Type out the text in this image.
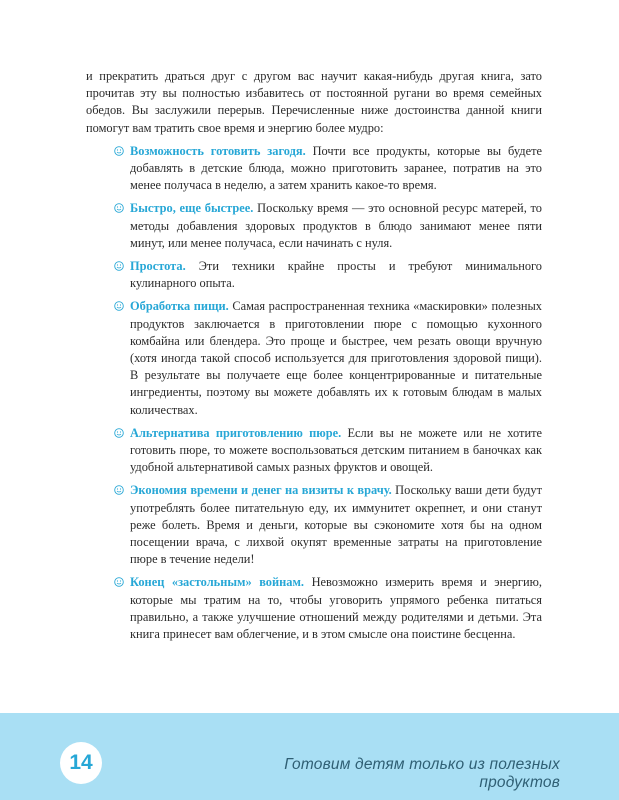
и прекратить драться друг с другом вас научит какая-нибудь другая книга, зато прочитав эту вы полностью избавитесь от постоянной ругани во время семейных обедов. Вы заслужили перерыв. Перечисленные ниже достоинства данной книги помогут вам тратить свое время и энергию более мудро:

Возможность готовить загодя. Почти все продукты, которые вы будете добавлять в детские блюда, можно приготовить заранее, потратив на это менее получаса в неделю, а затем хранить какое-то время.
Быстро, еще быстрее. Поскольку время — это основной ресурс матерей, то методы добавления здоровых продуктов в блюдо занимают менее пяти минут, или менее получаса, если начинать с нуля.
Простота. Эти техники крайне просты и требуют минимального кулинарного опыта.
Обработка пищи. Самая распространенная техника «маскировки» полезных продуктов заключается в приготовлении пюре с помощью кухонного комбайна или блендера. Это проще и быстрее, чем резать овощи вручную (хотя иногда такой способ используется для приготовления здоровой пищи). В результате вы получаете еще более концентрированные и питательные ингредиенты, поэтому вы можете добавлять их к готовым блюдам в малых количествах.
Альтернатива приготовлению пюре. Если вы не можете или не хотите готовить пюре, то можете воспользоваться детским питанием в баночках как удобной альтернативой самых разных фруктов и овощей.
Экономия времени и денег на визиты к врачу. Поскольку ваши дети будут употреблять более питательную еду, их иммунитет окрепнет, и они станут реже болеть. Время и деньги, которые вы сэкономите хотя бы на одном посещении врача, с лихвой окупят временные затраты на приготовление пюре в течение недели!
Конец «застольным» войнам. Невозможно измерить время и энергию, которые мы тратим на то, чтобы уговорить упрямого ребенка питаться правильно, а также улучшение отношений между родителями и детьми. Эта книга принесет вам облегчение, и в этом смысле она поистине бесценна.
14	Готовим детям только из полезных продуктов
